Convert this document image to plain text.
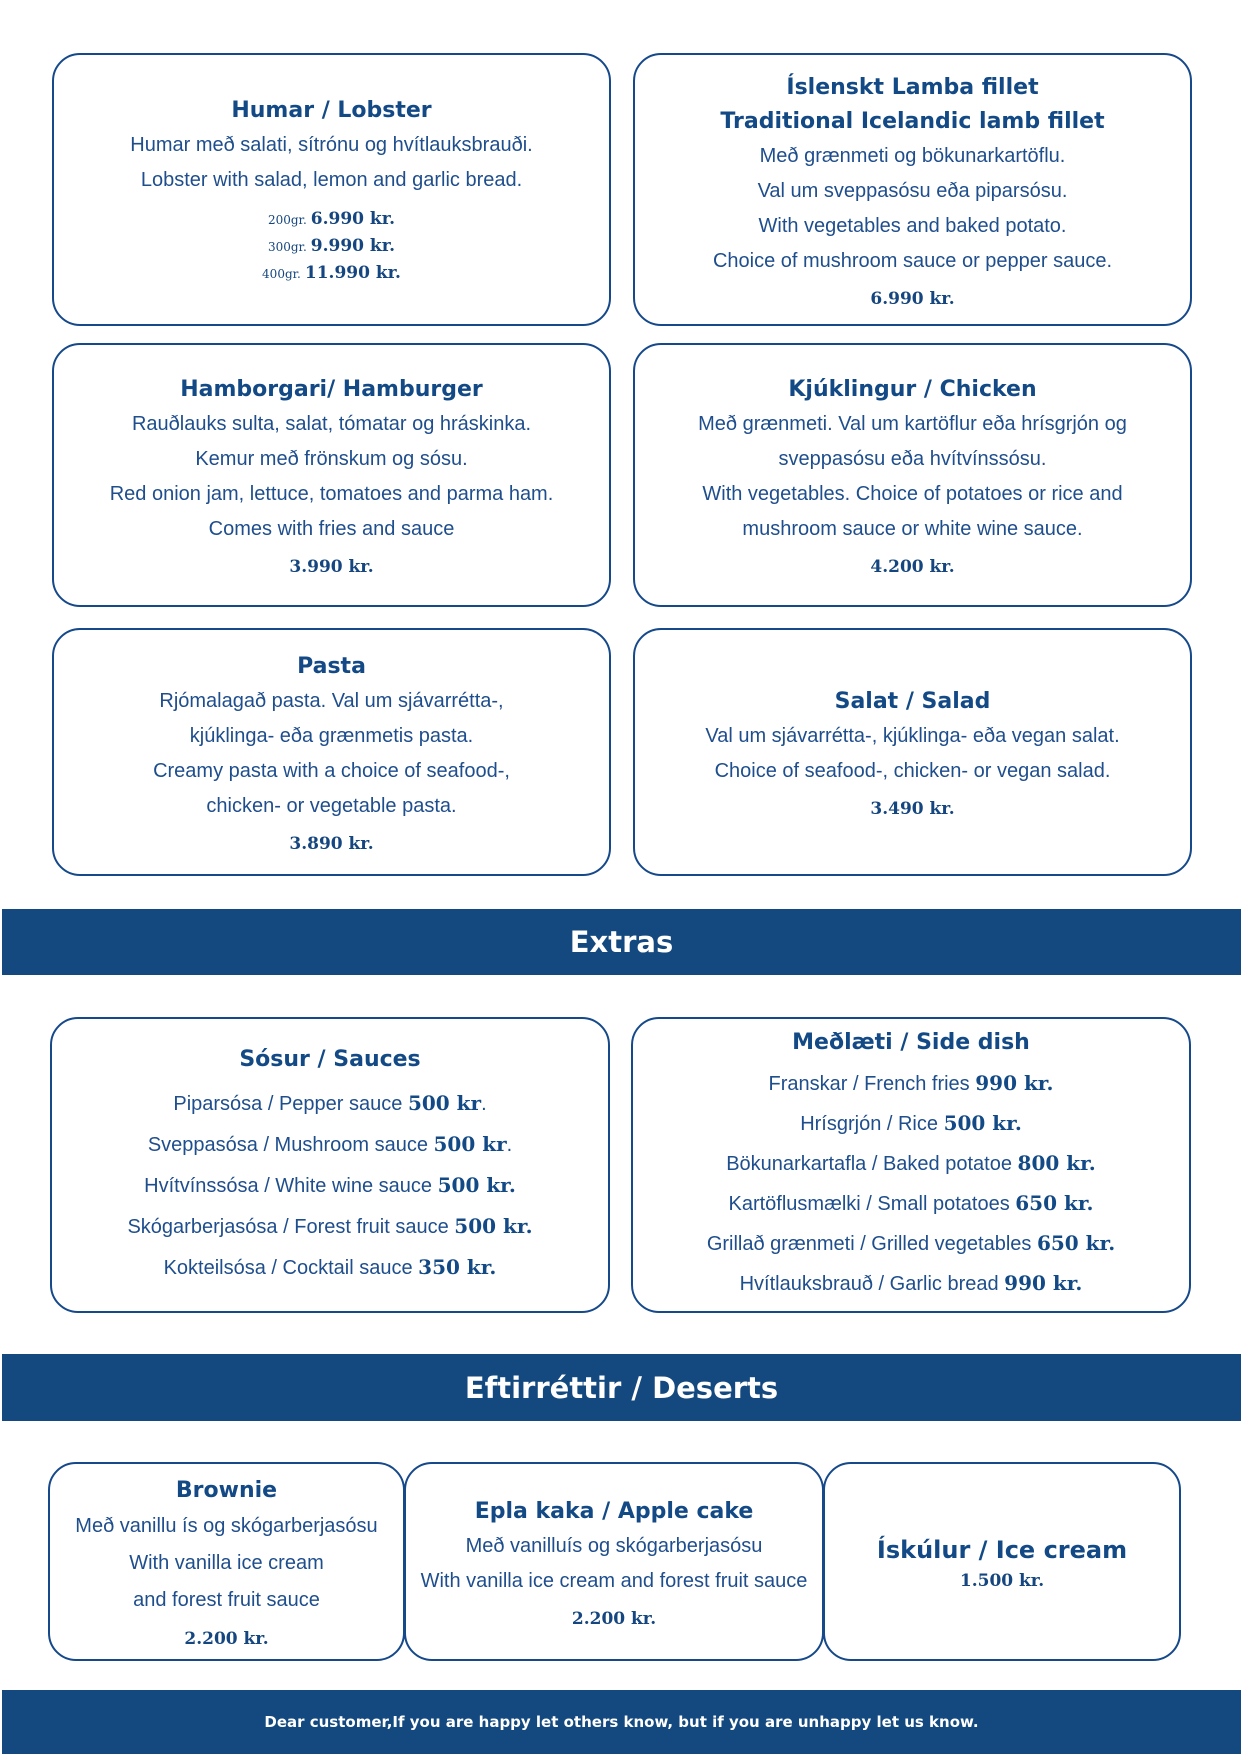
Humar / Lobster
Humar með salati, sítrónu og hvítlauksbrauði.
Lobster with salad, lemon and garlic bread.
200gr. 6.990 kr.
300gr. 9.990 kr.
400gr. 11.990 kr.
Íslenskt Lamba fillet
Traditional Icelandic lamb fillet
Með grænmeti og bökunarkartöflu.
Val um sveppasósu eða piparsósu.
With vegetables and baked potato.
Choice of mushroom sauce or pepper sauce.
6.990 kr.
Hamborgari/ Hamburger
Rauðlauks sulta, salat, tómatar og hráskinka.
Kemur með frönskum og sósu.
Red onion jam, lettuce, tomatoes and parma ham.
Comes with fries and sauce
3.990 kr.
Kjúklingur / Chicken
Með grænmeti. Val um kartöflur eða hrísgrjón og
sveppasósu eða hvítvínssósu.
With vegetables. Choice of potatoes or rice and
mushroom sauce or white wine sauce.
4.200 kr.
Pasta
Rjómalagað pasta. Val um sjávarrétta-,
kjúklinga- eða grænmetis pasta.
Creamy pasta with a choice of seafood-,
chicken- or vegetable pasta.
3.890 kr.
Salat / Salad
Val um sjávarrétta-, kjúklinga- eða vegan salat.
Choice of seafood-, chicken- or vegan salad.
3.490 kr.
Extras
Sósur / Sauces
Piparsósa / Pepper sauce 500 kr.
Sveppasósa / Mushroom sauce 500 kr.
Hvítvínssósa / White wine sauce 500 kr.
Skógarberjasósa / Forest fruit sauce 500 kr.
Kokteilsósa / Cocktail sauce 350 kr.
Meðlæti / Side dish
Franskar / French fries 990 kr.
Hrísgrjón / Rice 500 kr.
Bökunarkartafla / Baked potatoe 800 kr.
Kartöflusmælki / Small potatoes 650 kr.
Grillað grænmeti / Grilled vegetables 650 kr.
Hvítlauksbrauð / Garlic bread 990 kr.
Eftirréttir / Deserts
Brownie
Með vanillu ís og skógarberjasósu
With vanilla ice cream
and forest fruit sauce
2.200 kr.
Epla kaka / Apple cake
Með vanilluís og skógarberjasósu
With vanilla ice cream and forest fruit sauce
2.200 kr.
Ískúlur / Ice cream
1.500 kr.
Dear customer,If you are happy let others know, but if you are unhappy let us know.
